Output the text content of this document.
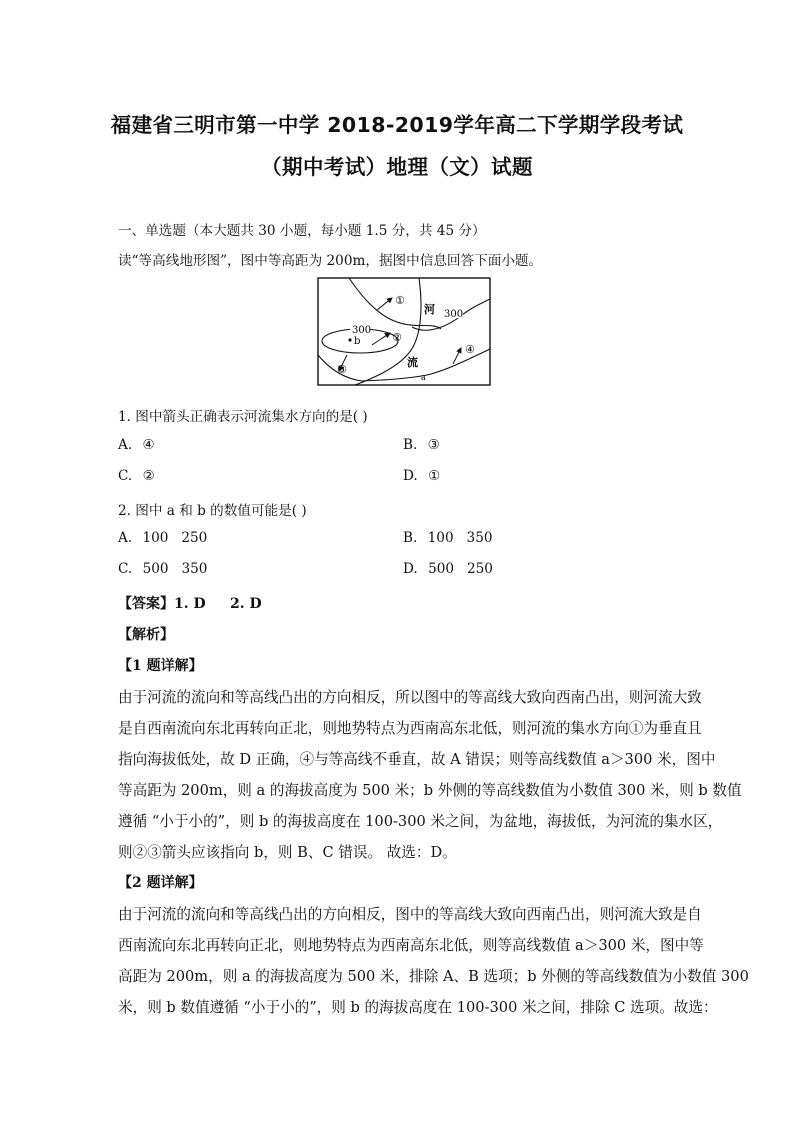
福建省三明市第一中学 2018-2019学年高二下学期学段考试
（期中考试）地理（文）试题
一、单选题（本大题共 30 小题，每小题 1.5 分，共 45 分）
读“等高线地形图”，图中等高距为 200m，据图中信息回答下面小题。
300
300
b
a
河
流
①
②
③
④
1. 图中箭头正确表示河流集水方向的是( )
A. ④	B. ③
C. ②	D. ①
2. 图中 a 和 b 的数值可能是( )
A. 100   250	B. 100   350
C. 500   350	D. 500   250
【答案】1. D     2. D
【解析】
【1 题详解】
由于河流的流向和等高线凸出的方向相反，所以图中的等高线大致向西南凸出，则河流大致
是自西南流向东北再转向正北，则地势特点为西南高东北低，则河流的集水方向①为垂直且
指向海拔低处，故 D 正确，④与等高线不垂直，故 A 错误；则等高线数值 a＞300 米，图中
等高距为 200m，则 a 的海拔高度为 500 米；b 外侧的等高线数值为小数值 300 米，则 b 数值
遵循 “小于小的”，则 b 的海拔高度在 100-300 米之间，为盆地，海拔低，为河流的集水区，
则②③箭头应该指向 b，则 B、C 错误。 故选：D。
【2 题详解】
由于河流的流向和等高线凸出的方向相反，图中的等高线大致向西南凸出，则河流大致是自
西南流向东北再转向正北，则地势特点为西南高东北低，则等高线数值 a＞300 米，图中等
高距为 200m，则 a 的海拔高度为 500 米，排除 A、B 选项；b 外侧的等高线数值为小数值 300
米，则 b 数值遵循 “小于小的”，则 b 的海拔高度在 100-300 米之间，排除 C 选项。故选：
